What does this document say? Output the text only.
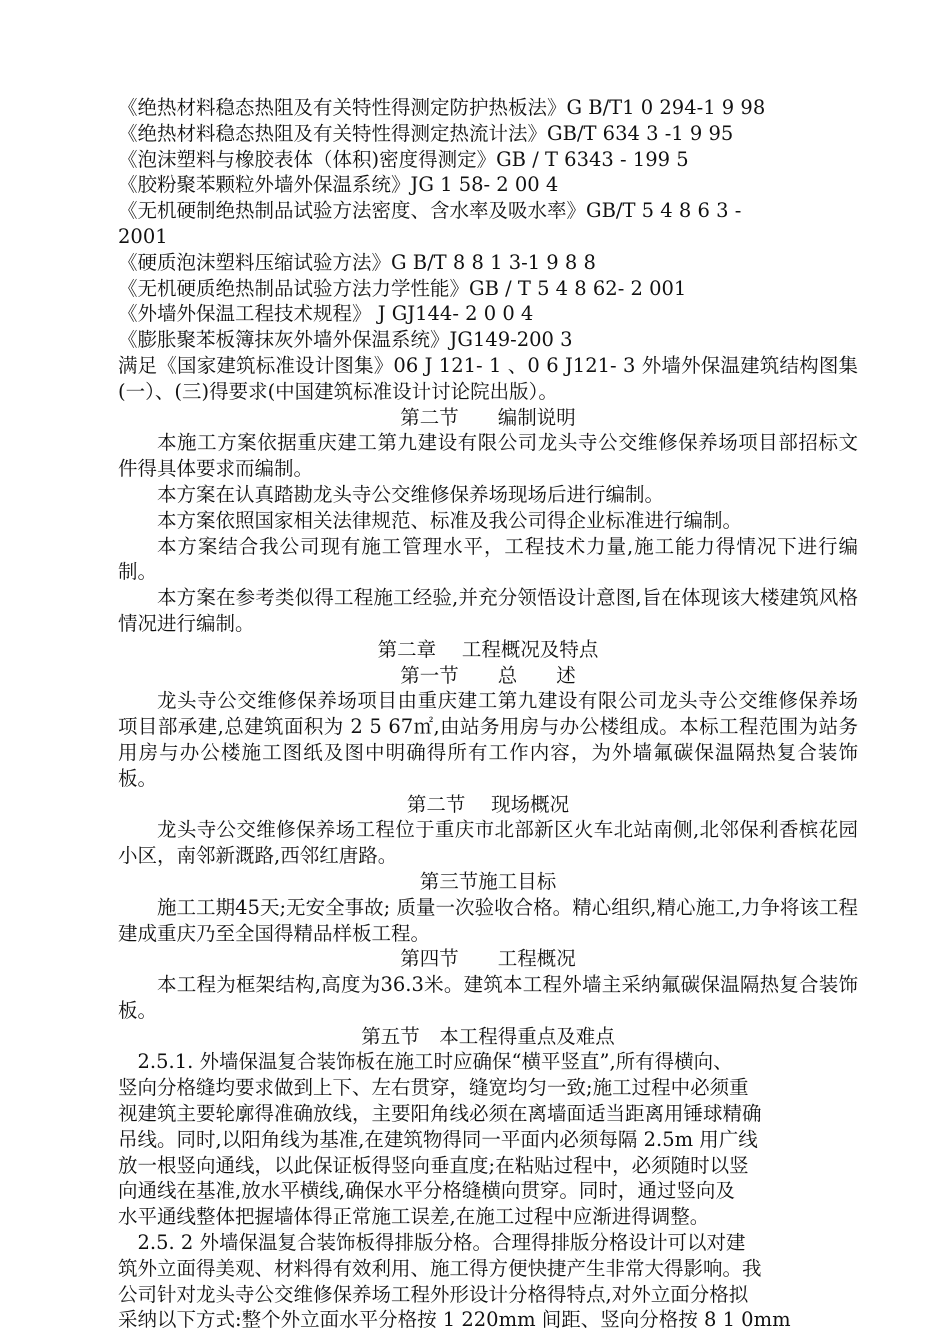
《绝热材料稳态热阻及有关特性得测定防护热板法》G B/T1 0 294-1 9 98

《绝热材料稳态热阻及有关特性得测定热流计法》GB/T 634 3 -1 9 95

《泡沫塑料与橡胶表体（体积)密度得测定》GB / T 6343 - 199 5

《胶粉聚苯颗粒外墙外保温系统》JG 1 58- 2 00 4

《无机硬制绝热制品试验方法密度、含水率及吸水率》GB/T 5 4 8 6 3 -

2001

《硬质泡沫塑料压缩试验方法》G B/T 8 8 1 3-1 9 8 8

《无机硬质绝热制品试验方法力学性能》GB / T 5 4 8 62- 2 001

《外墙外保温工程技术规程》 J GJ144- 2 0 0 4

《膨胀聚苯板簿抹灰外墙外保温系统》JG149-200 3

满足《国家建筑标准设计图集》06 J 121- 1 、0 6 J121- 3 外墙外保温建筑结构图集(一）、(三)得要求(中国建筑标准设计讨论院出版）。

第二节　　编制说明

本施工方案依据重庆建工第九建设有限公司龙头寺公交维修保养场项目部招标文件得具体要求而编制。

本方案在认真踏勘龙头寺公交维修保养场现场后进行编制。

本方案依照国家相关法律规范、标准及我公司得企业标准进行编制。

本方案结合我公司现有施工管理水平，工程技术力量,施工能力得情况下进行编制。

本方案在参考类似得工程施工经验,并充分领悟设计意图,旨在体现该大楼建筑风格情况进行编制。

第二章　 工程概况及特点

第一节　　总　　述

龙头寺公交维修保养场项目由重庆建工第九建设有限公司龙头寺公交维修保养场项目部承建,总建筑面积为 2 5 67㎡,由站务用房与办公楼组成。本标工程范围为站务用房与办公楼施工图纸及图中明确得所有工作内容，为外墙氟碳保温隔热复合装饰板。

第二节　 现场概况

龙头寺公交维修保养场工程位于重庆市北部新区火车北站南侧,北邻保利香槟花园小区，南邻新溉路,西邻红唐路。

第三节施工目标

施工工期45天;无安全事故; 质量一次验收合格。精心组织,精心施工,力争将该工程建成重庆乃至全国得精品样板工程。

第四节　　工程概况

本工程为框架结构,高度为36.3米。建筑本工程外墙主采纳氟碳保温隔热复合装饰板。

第五节　本工程得重点及难点

　2.5.1. 外墙保温复合装饰板在施工时应确保“横平竖直”,所有得横向、

竖向分格缝均要求做到上下、左右贯穿，缝宽均匀一致;施工过程中必须重

视建筑主要轮廓得准确放线，主要阳角线必须在离墙面适当距离用锤球精确

吊线。同时,以阳角线为基准,在建筑物得同一平面内必须每隔 2.5m 用广线

放一根竖向通线，以此保证板得竖向垂直度;在粘贴过程中，必须随时以竖

向通线在基准,放水平横线,确保水平分格缝横向贯穿。同时，通过竖向及

水平通线整体把握墙体得正常施工误差,在施工过程中应渐进得调整。

　2.5. 2 外墙保温复合装饰板得排版分格。合理得排版分格设计可以对建

筑外立面得美观、材料得有效利用、施工得方便快捷产生非常大得影响。我

公司针对龙头寺公交维修保养场工程外形设计分格得特点,对外立面分格拟

采纳以下方式:整个外立面水平分格按 1 220mm 间距、竖向分格按 8 1 0mm
